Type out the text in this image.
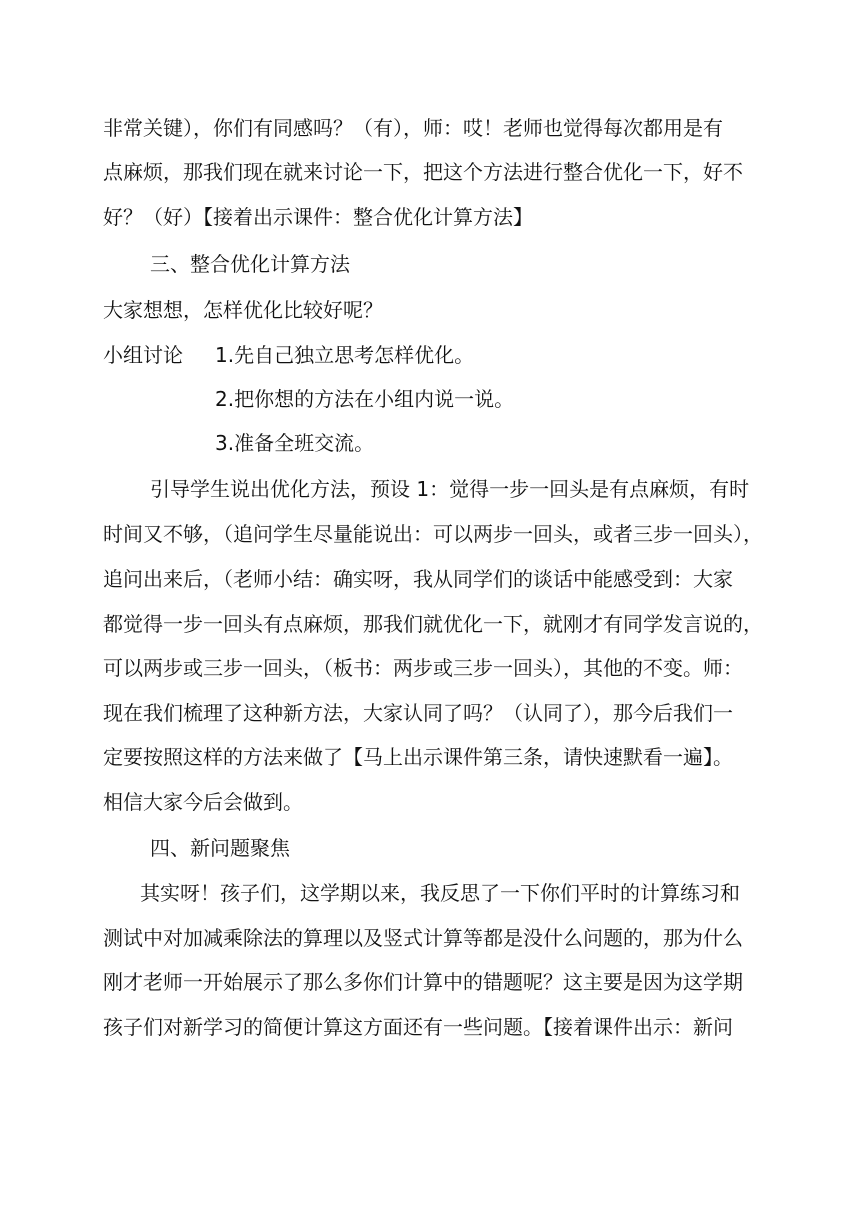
非常关键），你们有同感吗？（有），师：哎！老师也觉得每次都用是有
点麻烦，那我们现在就来讨论一下，把这个方法进行整合优化一下，好不
好？（好）【接着出示课件：整合优化计算方法】
三、整合优化计算方法
大家想想，怎样优化比较好呢？
小组讨论 1.先自己独立思考怎样优化。
2.把你想的方法在小组内说一说。
3.准备全班交流。
引导学生说出优化方法，预设 1：觉得一步一回头是有点麻烦，有时
时间又不够，（追问学生尽量能说出：可以两步一回头，或者三步一回头），
追问出来后，（老师小结：确实呀，我从同学们的谈话中能感受到：大家
都觉得一步一回头有点麻烦，那我们就优化一下，就刚才有同学发言说的，
可以两步或三步一回头，（板书：两步或三步一回头），其他的不变。师：
现在我们梳理了这种新方法，大家认同了吗？（认同了），那今后我们一
定要按照这样的方法来做了【马上出示课件第三条，请快速默看一遍】。
相信大家今后会做到。
四、新问题聚焦
其实呀！孩子们，这学期以来，我反思了一下你们平时的计算练习和
测试中对加减乘除法的算理以及竖式计算等都是没什么问题的，那为什么
刚才老师一开始展示了那么多你们计算中的错题呢？这主要是因为这学期
孩子们对新学习的简便计算这方面还有一些问题。【接着课件出示：新问
